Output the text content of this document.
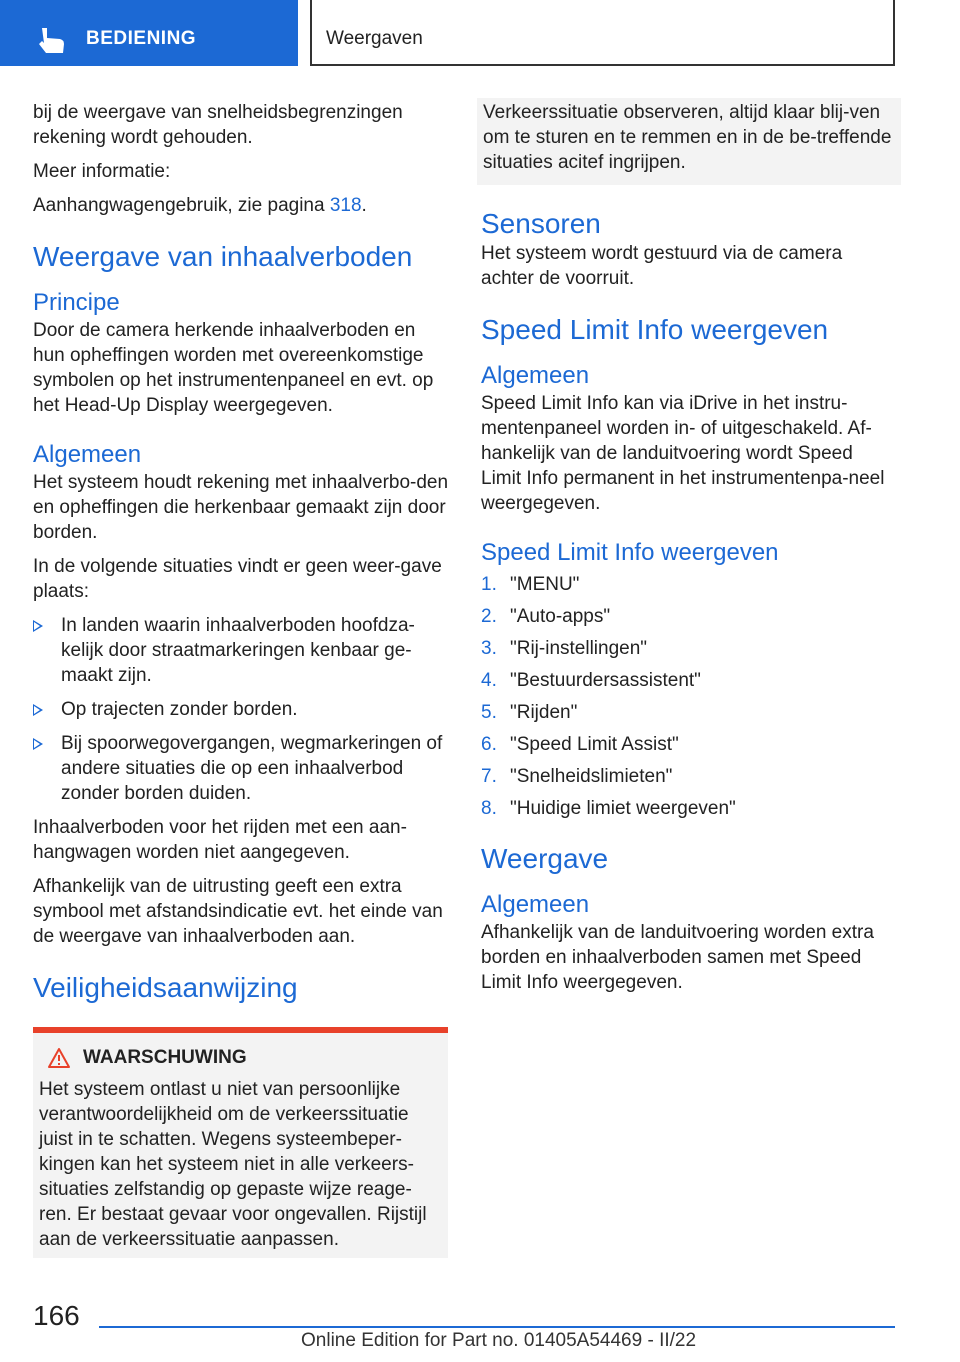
BEDIENING	Weergaven

bij de weergave van snelheidsbegrenzingen rekening wordt gehouden.

Meer informatie:

Aanhangwagengebruik, zie pagina 318.

Weergave van inhaalverboden
Principe

Door de camera herkende inhaalverboden en hun opheffingen worden met overeenkomstige symbolen op het instrumentenpaneel en evt. op het Head-Up Display weergegeven.

Algemeen

Het systeem houdt rekening met inhaalverbo-den en opheffingen die herkenbaar gemaakt zijn door borden.

In de volgende situaties vindt er geen weer-gave plaats:

In landen waarin inhaalverboden hoofdza-kelijk door straatmarkeringen kenbaar ge-maakt zijn.
Op trajecten zonder borden.
Bij spoorwegovergangen, wegmarkeringen of andere situaties die op een inhaalverbod zonder borden duiden.

Inhaalverboden voor het rijden met een aan-hangwagen worden niet aangegeven.

Afhankelijk van de uitrusting geeft een extra symbool met afstandsindicatie evt. het einde van de weergave van inhaalverboden aan.

Veiligheidsaanwijzing
WAARSCHUWING
Het systeem ontlast u niet van persoonlijke verantwoordelijkheid om de verkeerssituatie juist in te schatten. Wegens systeembeper-kingen kan het systeem niet in alle verkeers-situaties zelfstandig op gepaste wijze reage-ren. Er bestaat gevaar voor ongevallen. Rijstijl aan de verkeerssituatie aanpassen.
Verkeerssituatie observeren, altijd klaar blij-ven om te sturen en te remmen en in de be-treffende situaties acitef ingrijpen.
Sensoren

Het systeem wordt gestuurd via de camera achter de voorruit.

Speed Limit Info weergeven
Algemeen

Speed Limit Info kan via iDrive in het instru-mentenpaneel worden in- of uitgeschakeld. Af-hankelijk van de landuitvoering wordt Speed Limit Info permanent in het instrumentenpa-neel weergegeven.

Speed Limit Info weergeven
1. "MENU"
2. "Auto-apps"
3. "Rij-instellingen"
4. "Bestuurdersassistent"
5. "Rijden"
6. "Speed Limit Assist"
7. "Snelheidslimieten"
8. "Huidige limiet weergeven"
Weergave
Algemeen

Afhankelijk van de landuitvoering worden extra borden en inhaalverboden samen met Speed Limit Info weergegeven.

166
Online Edition for Part no. 01405A54469 - II/22
